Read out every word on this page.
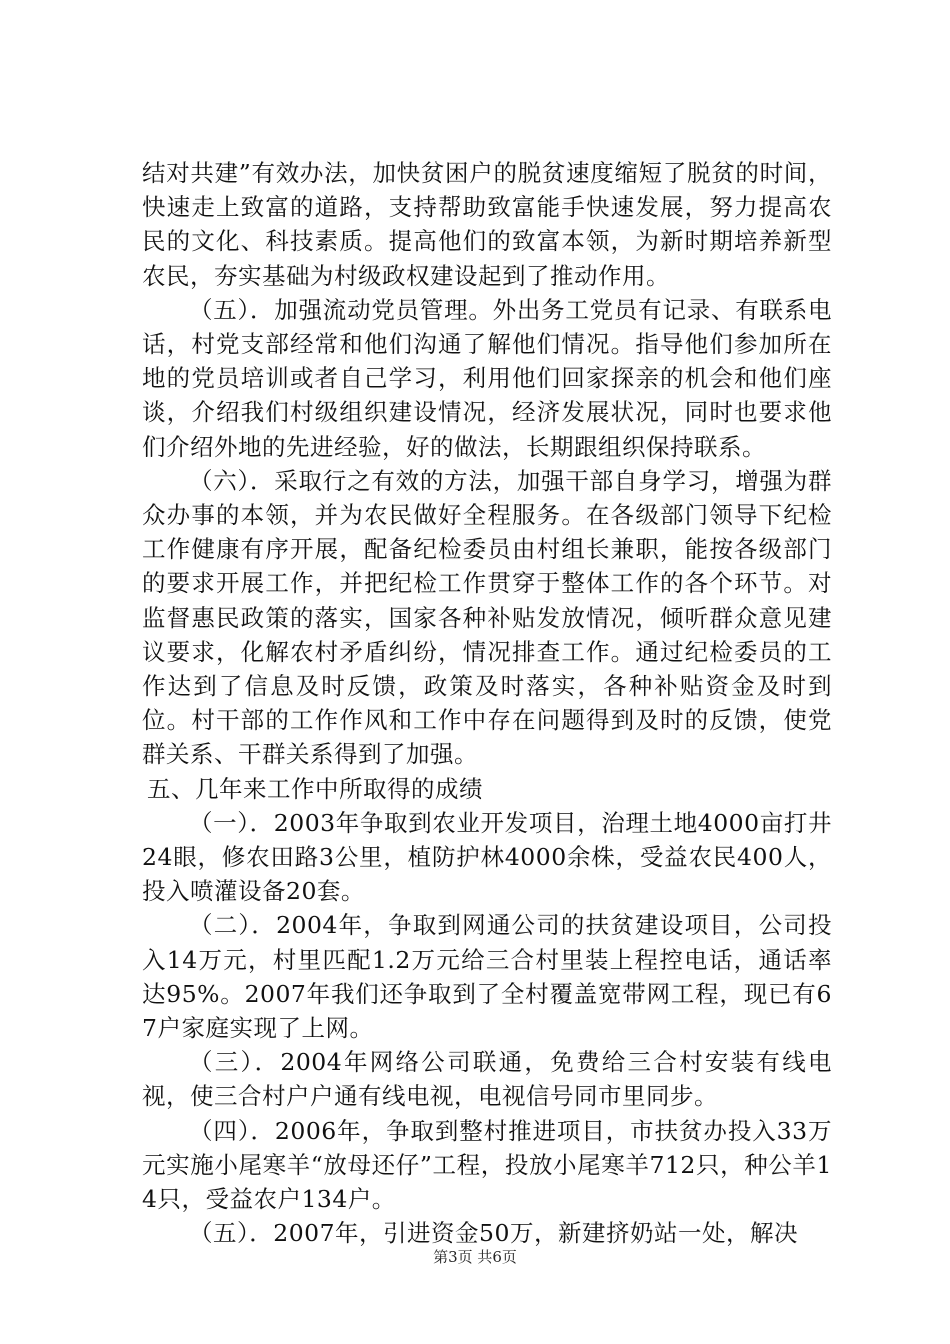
结对共建”有效办法，加快贫困户的脱贫速度缩短了脱贫的时间，快速走上致富的道路，支持帮助致富能手快速发展，努力提高农民的文化、科技素质。提高他们的致富本领，为新时期培养新型农民，夯实基础为村级政权建设起到了推动作用。

（五）．加强流动党员管理。外出务工党员有记录、有联系电话，村党支部经常和他们沟通了解他们情况。指导他们参加所在地的党员培训或者自己学习，利用他们回家探亲的机会和他们座谈，介绍我们村级组织建设情况，经济发展状况，同时也要求他们介绍外地的先进经验，好的做法，长期跟组织保持联系。

（六）．采取行之有效的方法，加强干部自身学习，增强为群众办事的本领，并为农民做好全程服务。在各级部门领导下纪检工作健康有序开展，配备纪检委员由村组长兼职，能按各级部门的要求开展工作，并把纪检工作贯穿于整体工作的各个环节。对监督惠民政策的落实，国家各种补贴发放情况，倾听群众意见建议要求，化解农村矛盾纠纷，情况排查工作。通过纪检委员的工作达到了信息及时反馈，政策及时落实，各种补贴资金及时到位。村干部的工作作风和工作中存在问题得到及时的反馈，使党群关系、干群关系得到了加强。

五、几年来工作中所取得的成绩

（一）．2003年争取到农业开发项目，治理土地4000亩打井24眼，修农田路3公里，植防护林4000余株，受益农民400人，投入喷灌设备20套。

（二）．2004年，争取到网通公司的扶贫建设项目，公司投入14万元，村里匹配1.2万元给三合村里装上程控电话，通话率达95%。2007年我们还争取到了全村覆盖宽带网工程，现已有67户家庭实现了上网。

（三）．2004年网络公司联通，免费给三合村安装有线电视，使三合村户户通有线电视，电视信号同市里同步。

（四）．2006年，争取到整村推进项目，市扶贫办投入33万元实施小尾寒羊“放母还仔”工程，投放小尾寒羊712只，种公羊14只，受益农户134户。

（五）．2007年，引进资金50万，新建挤奶站一处，解决

第3页 共6页
